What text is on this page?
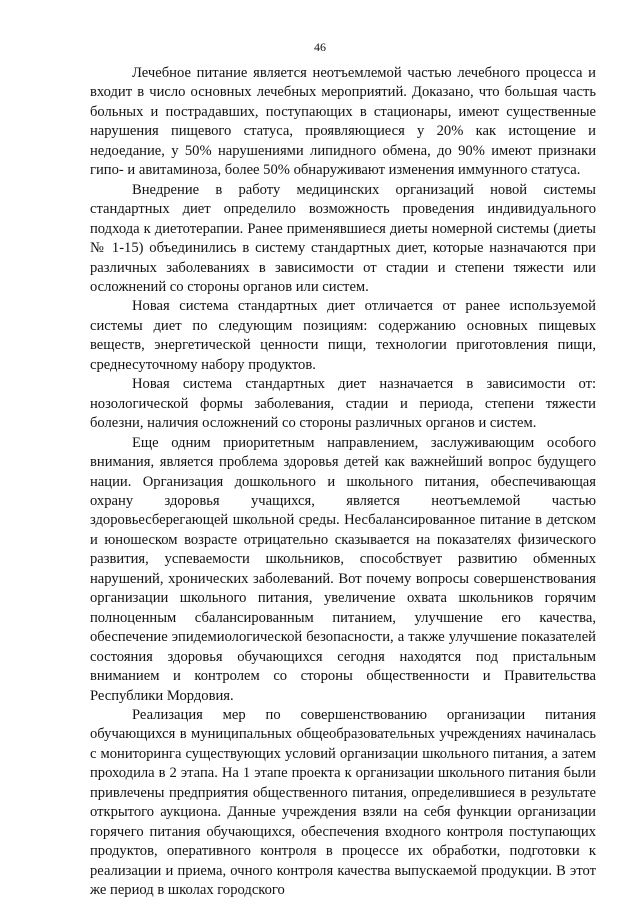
46

Лечебное питание является неотъемлемой частью лечебного процесса и входит в число основных лечебных мероприятий. Доказано, что большая часть больных и пострадавших, поступающих в стационары, имеют существенные нарушения пищевого статуса, проявляющиеся у 20% как истощение и недоедание, у 50% нарушениями липидного обмена, до 90% имеют признаки гипо- и авитаминоза, более 50% обнаруживают изменения иммунного статуса.

Внедрение в работу медицинских организаций новой системы стандартных диет определило возможность проведения индивидуального подхода к диетотерапии. Ранее применявшиеся диеты номерной системы (диеты № 1-15) объединились в систему стандартных диет, которые назначаются при различных заболеваниях в зависимости от стадии и степени тяжести или осложнений со стороны органов или систем.

Новая система стандартных диет отличается от ранее используемой системы диет по следующим позициям: содержанию основных пищевых веществ, энергетической ценности пищи, технологии приготовления пищи, среднесуточному набору продуктов.

Новая система стандартных диет назначается в зависимости от: нозологической формы заболевания, стадии и периода, степени тяжести болезни, наличия осложнений со стороны различных органов и систем.

Еще одним приоритетным направлением, заслуживающим особого внимания, является проблема здоровья детей как важнейший вопрос будущего нации. Организация дошкольного и школьного питания, обеспечивающая охрану здоровья учащихся, является неотъемлемой частью здоровьесберегающей школьной среды. Несбалансированное питание в детском и юношеском возрасте отрицательно сказывается на показателях физического развития, успеваемости школьников, способствует развитию обменных нарушений, хронических заболеваний. Вот почему вопросы совершенствования организации школьного питания, увеличение охвата школьников горячим полноценным сбалансированным питанием, улучшение его качества, обеспечение эпидемиологической безопасности, а также улучшение показателей состояния здоровья обучающихся сегодня находятся под пристальным вниманием и контролем со стороны общественности и Правительства Республики Мордовия.

Реализация мер по совершенствованию организации питания обучающихся в муниципальных общеобразовательных учреждениях начиналась с мониторинга существующих условий организации школьного питания, а затем проходила в 2 этапа. На 1 этапе проекта к организации школьного питания были привлечены предприятия общественного питания, определившиеся в результате открытого аукциона. Данные учреждения взяли на себя функции организации горячего питания обучающихся, обеспечения входного контроля поступающих продуктов, оперативного контроля в процессе их обработки, подготовки к реализации и приема, очного контроля качества выпускаемой продукции. В этот же период в школах городского
